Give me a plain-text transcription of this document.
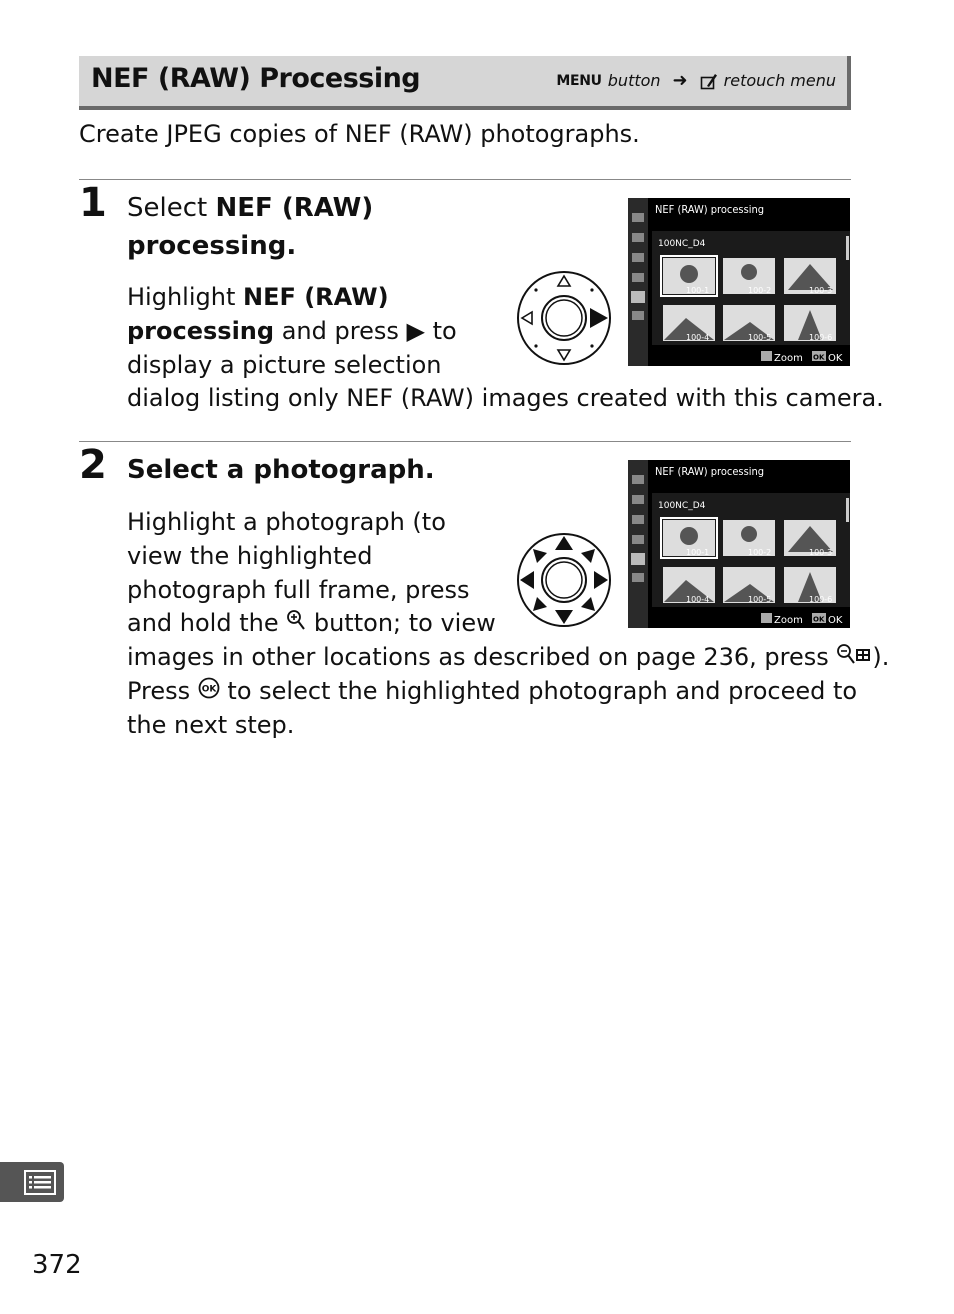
NEF (RAW) Processing	MENU button ➜ retouch menu
Create JPEG copies of NEF (RAW) photographs.
1 Select NEF (RAW)
processing.
Highlight NEF (RAW)
processing and press ▶ to
display a picture selection
dialog listing only NEF (RAW) images created with this camera.
NEF (RAW) processing
100NC_D4
100-1	100-2	100-3
100-4	100-5	100-6
Zoom OK OK
2 Select a photograph.
Highlight a photograph (to
view the highlighted
photograph full frame, press
and hold the  button; to view
images in other locations as described on page 236, press ).
Press OK to select the highlighted photograph and proceed to
the next step.
NEF (RAW) processing
100NC_D4
100-1	100-2	100-3
100-4	100-5	100-6
Zoom OK OK
372
